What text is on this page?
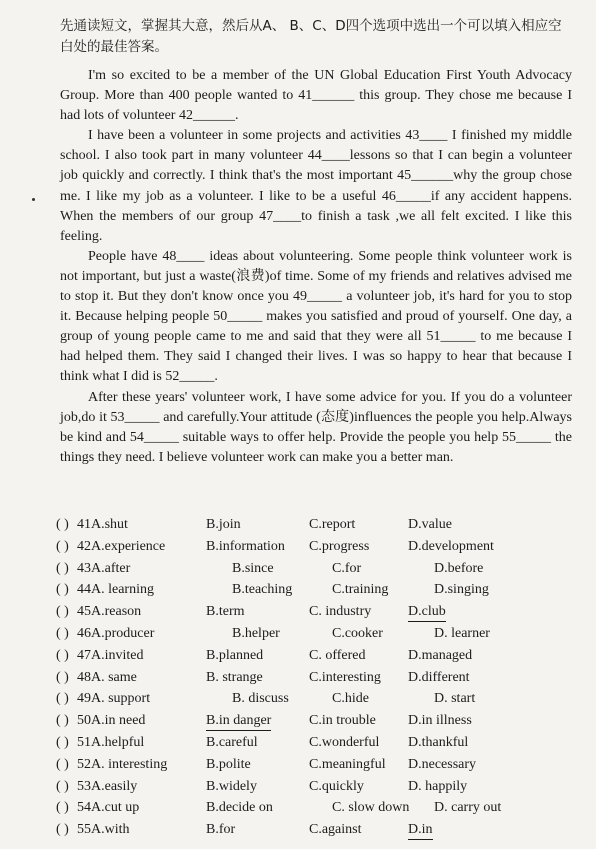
先通读短文，掌握其大意，然后从A、 B、C、D四个选项中选出一个可以填入相应空白处的最佳答案。

I'm so excited to be a member of the UN Global Education First Youth Advocacy Group. More than 400 people wanted to 41______ this group. They chose me because I had lots of volunteer 42______.

I have been a volunteer in some projects and activities 43____ I finished my middle school. I also took part in many volunteer 44____lessons so that I can begin a volunteer job quickly and correctly. I think that's the most important 45______why the group chose me. I like my job as a volunteer. I like to be a useful 46_____if any accident happens. When the members of our group 47____to finish a task ,we all felt excited. I like this feeling.

People have 48____ ideas about volunteering. Some people think volunteer work is not important, but just a waste(浪费)of time. Some of my friends and relatives advised me to stop it. But they don't know once you 49_____ a volunteer job, it's hard for you to stop it. Because helping people 50_____ makes you satisfied and proud of yourself. One day, a group of young people came to me and said that they were all 51_____ to me because I had helped them. They said I changed their lives. I was so happy to hear that because I think what I did is 52_____.

After these years' volunteer work, I have some advice for you. If you do a volunteer job,do it 53_____ and carefully.Your attitude (态度)influences the people you help.Always be kind and 54_____ suitable ways to offer help. Provide the people you help 55_____ the things they need. I believe volunteer work can make you a better man.

( ) 41A.shut	B.join	C.report	D.value
( ) 42A.experience	B.information C.progress	D.development
( ) 43A.after	B.since	C.for	D.before
( ) 44A. learning	B.teaching	C.training	D.singing
( ) 45A.reason	B.term	C. industry	D.club
( ) 46A.producer	B.helper	C.cooker	D. learner
( ) 47A.invited	B.planned	C. offered	D.managed
( ) 48A. same	B. strange	C.interesting D.different
( ) 49A. support	B. discuss	C.hide	D. start
( ) 50A.in need	B.in danger	C.in trouble D.in illness
( ) 51A.helpful	B.careful	C.wonderful D.thankful
( ) 52A. interesting	B.polite	C.meaningful D.necessary
( ) 53A.easily	B.widely	C.quickly	D. happily
( ) 54A.cut up	B.decide on	C. slow down D. carry out
( ) 55A.with	B.for	C.against	D.in
